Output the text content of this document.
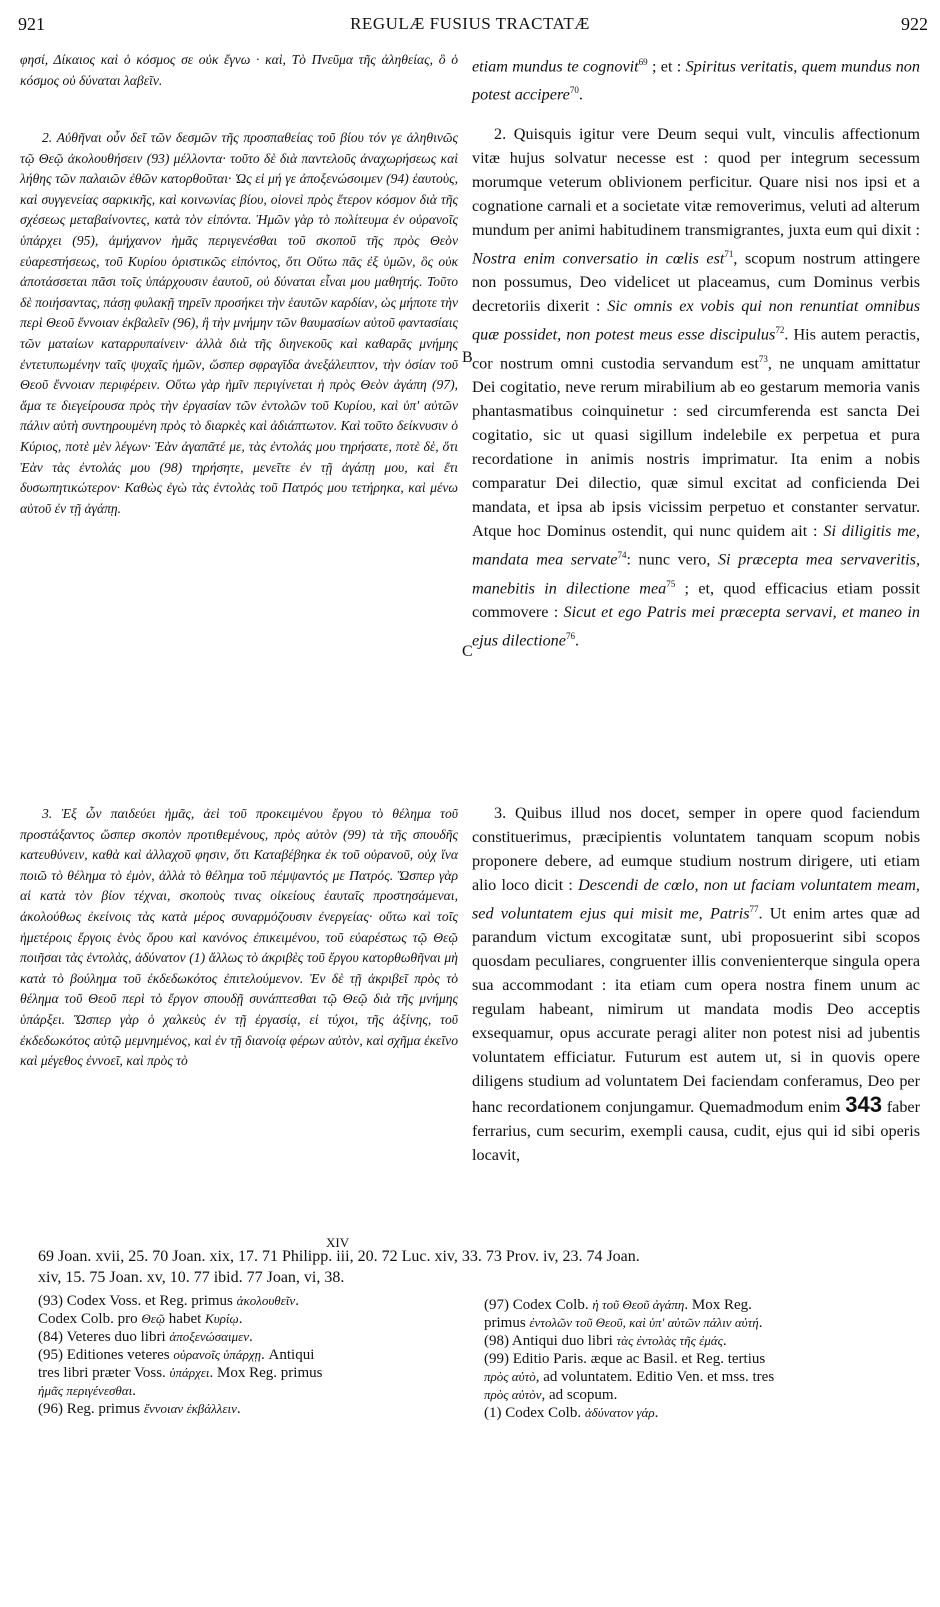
921	REGULÆ FUSIUS TRACTATÆ	922

φησί, Δίκαιος καὶ ὁ κόσμος σε οὐκ ἔγνω · καὶ, Τὸ Πνεῦμα τῆς ἀληθείας, ὃ ὁ κόσμος οὐ δύναται λαβεῖν.

2. Αὐθῆναι οὖν δεῖ τῶν δεσμῶν τῆς προσπαθείας τοῦ βίου τόν γε ἀληθινῶς τῷ Θεῷ ἀκολουθήσειν (93) μέλλοντα· τοῦτο δὲ διὰ παντελοῦς ἀναχωρήσεως καὶ λήθης τῶν παλαιῶν ἐθῶν κατορθοῦται· Ὡς εἰ μή γε ἀποξενώσοιμεν (94) ἑαυτοὺς, καὶ συγγενείας σαρκικῆς, καὶ κοινωνίας βίου, οἱονεὶ πρὸς ἕτερον κόσμον διὰ τῆς σχέσεως μεταβαίνοντες, κατὰ τὸν εἰπόντα. Ἡμῶν γὰρ τὸ πολίτευμα ἐν οὐρανοῖς ὑπάρχει (95), ἀμήχανον ἡμᾶς περιγενέσθαι τοῦ σκοποῦ τῆς πρὸς Θεὸν εὐαρεστήσεως, τοῦ Κυρίου ὁριστικῶς εἰπόντος, ὅτι Οὕτω πᾶς ἐξ ὑμῶν, ὃς οὐκ ἀποτάσσεται πᾶσι τοῖς ὑπάρχουσιν ἑαυτοῦ, οὐ δύναται εἶναι μου μαθητής. Τοῦτο δὲ ποιήσαντας, πάσῃ φυλακῇ τηρεῖν προσήκει τὴν ἑαυτῶν καρδίαν, ὡς μήποτε τὴν περὶ Θεοῦ ἔννοιαν ἐκβαλεῖν (96), ἢ τὴν μνήμην τῶν θαυμασίων αὐτοῦ φαντασίαις τῶν ματαίων καταρρυπαίνειν· ἀλλὰ διὰ τῆς διηνεκοῦς καὶ καθαρᾶς μνήμης ἐντετυπωμένην ταῖς ψυχαῖς ἡμῶν, ὥσπερ σφραγῖδα ἀνεξάλειπτον, τὴν ὁσίαν τοῦ Θεοῦ ἔννοιαν περιφέρειν. Οὕτω γὰρ ἡμῖν περιγίνεται ἡ πρὸς Θεὸν ἀγάπη (97), ἅμα τε διεγείρουσα πρὸς τὴν ἐργασίαν τῶν ἐντολῶν τοῦ Κυρίου, καὶ ὑπ' αὐτῶν πάλιν αὐτὴ συντηρουμένη πρὸς τὸ διαρκὲς καὶ ἀδιάπτωτον. Καὶ τοῦτο δείκνυσιν ὁ Κύριος, ποτὲ μὲν λέγων· Ἐὰν ἀγαπᾶτέ με, τὰς ἐντολάς μου τηρήσατε, ποτὲ δὲ, ὅτι Ἐὰν τὰς ἐντολάς μου (98) τηρήσητε, μενεῖτε ἐν τῇ ἀγάπῃ μου, καὶ ἔτι δυσωπητικώτερον· Καθὼς ἐγὼ τὰς ἐντολὰς τοῦ Πατρός μου τετήρηκα, καὶ μένω αὐτοῦ ἐν τῇ ἀγάπῃ.

3. Ἐξ ὧν παιδεύει ἡμᾶς, ἀεὶ τοῦ προκειμένου ἔργου τὸ θέλημα τοῦ προστάξαντος ὥσπερ σκοπὸν προτιθεμένους, πρὸς αὐτὸν (99) τὰ τῆς σπουδῆς κατευθύνειν, καθὰ καὶ ἀλλαχοῦ φησιν, ὅτι Καταβέβηκα ἐκ τοῦ οὐρανοῦ, οὐχ ἵνα ποιῶ τὸ θέλημα τὸ ἐμὸν, ἀλλὰ τὸ θέλημα τοῦ πέμψαντός με Πατρός. Ὥσπερ γὰρ αἱ κατὰ τὸν βίον τέχναι, σκοποὺς τινας οἰκείους ἑαυταῖς προστησάμεναι, ἀκολούθως ἐκείνοις τὰς κατὰ μέρος συναρμόζουσιν ἐνεργείας· οὕτω καὶ τοῖς ἡμετέροις ἔργοις ἑνὸς ὅρου καὶ κανόνος ἐπικειμένου, τοῦ εὐαρέστως τῷ Θεῷ ποιῆσαι τὰς ἐντολὰς, ἀδύνατον (1) ἄλλως τὸ ἀκριβὲς τοῦ ἔργου κατορθωθῆναι μὴ κατὰ τὸ βούλημα τοῦ ἐκδεδωκότος ἐπιτελούμενον. Ἐν δὲ τῇ ἀκριβεῖ πρὸς τὸ θέλημα τοῦ Θεοῦ περὶ τὸ ἔργον σπουδῇ συνάπτεσθαι τῷ Θεῷ διὰ τῆς μνήμης ὑπάρξει. Ὥσπερ γὰρ ὁ χαλκεὺς ἐν τῇ ἐργασίᾳ, εἰ τύχοι, τῆς ἀξίνης, τοῦ ἐκδεδωκότος αὐτῷ μεμνημένος, καὶ ἐν τῇ διανοίᾳ φέρων αὐτὸν, καὶ σχῆμα ἐκεῖνο καὶ μέγεθος ἐννοεῖ, καὶ πρὸς τὸ

B
C

etiam mundus te cognovit$^{69}$ ; et : Spiritus veritatis, quem mundus non potest accipere$^{70}$.

2. Quisquis igitur vere Deum sequi vult, vinculis affectionum vitæ hujus solvatur necesse est : quod per integrum secessum morumque veterum oblivionem perficitur. Quare nisi nos ipsi et a cognatione carnali et a societate vitæ removerimus, veluti ad alterum mundum per animi habitudinem transmigrantes, juxta eum qui dixit : Nostra enim conversatio in cœlis est$^{71}$, scopum nostrum attingere non possumus, Deo videlicet ut placeamus, cum Dominus verbis decretoriis dixerit : Sic omnis ex vobis qui non renuntiat omnibus quæ possidet, non potest meus esse discipulus$^{72}$. His autem peractis, cor nostrum omni custodia servandum est$^{73}$, ne unquam amittatur Dei cogitatio, neve rerum mirabilium ab eo gestarum memoria vanis phantasmatibus coinquinetur : sed circumferenda est sancta Dei cogitatio, sic ut quasi sigillum indelebile ex perpetua et pura recordatione in animis nostris imprimatur. Ita enim a nobis comparatur Dei dilectio, quæ simul excitat ad conficienda Dei mandata, et ipsa ab ipsis vicissim perpetuo et constanter servatur. Atque hoc Dominus ostendit, qui nunc quidem ait : Si diligitis me, mandata mea servate$^{74}$: nunc vero, Si præcepta mea servaveritis, manebitis in dilectione mea$^{75}$ ; et, quod efficacius etiam possit commovere : Sicut et ego Patris mei præcepta servavi, et maneo in ejus dilectione$^{76}$.

3. Quibus illud nos docet, semper in opere quod faciendum constituerimus, præcipientis voluntatem tanquam scopum nobis proponere debere, ad eumque studium nostrum dirigere, uti etiam alio loco dicit : Descendi de cœlo, non ut faciam voluntatem meam, sed voluntatem ejus qui misit me, Patris$^{77}$. Ut enim artes quæ ad parandum victum excogitatæ sunt, ubi proposuerint sibi scopos quosdam peculiares, congruenter illis convenienterque singula opera sua accommodant : ita etiam cum opera nostra finem unum ac regulam habeant, nimirum ut mandata modis Deo acceptis exsequamur, opus accurate peragi aliter non potest nisi ad jubentis voluntatem efficiatur. Futurum est autem ut, si in quovis opere diligens studium ad voluntatem Dei faciendam conferamus, Deo per hanc recordationem conjungamur. Quemadmodum enim 343 faber ferrarius, cum securim, exempli causa, cudit, ejus qui id sibi operis locavit,

XIV

69 Joan. xvii, 25. 70 Joan. xix, 17. 71 Philipp. iii, 20. 72 Luc. xiv, 33. 73 Prov. iv, 23. 74 Joan.

xiv, 15. 75 Joan. xv, 10. 77 ibid. 77 Joan, vi, 38.

(93) Codex Voss. et Reg. primus ἀκολουθεῖν.

Codex Colb. pro Θεῷ habet Κυρίῳ.

(84) Veteres duo libri ἀποξενώσαιμεν.

(95) Editiones veteres οὐρανοῖς ὑπάρχῃ. Antiqui

tres libri præter Voss. ὑπάρχει. Mox Reg. primus

ἡμᾶς περιγένεσθαι.

(96) Reg. primus ἔννοιαν ἐκβάλλειν.

(97) Codex Colb. ἡ τοῦ Θεοῦ ἀγάπη. Mox Reg.

primus ἐντολῶν τοῦ Θεοῦ, καὶ ὑπ' αὐτῶν πάλιν αὐτή.

(98) Antiqui duo libri τὰς ἐντολὰς τῆς ἐμάς.

(99) Editio Paris. æque ac Basil. et Reg. tertius

πρὸς αὐτὸ, ad voluntatem. Editio Ven. et mss. tres

πρὸς αὐτὸν, ad scopum.

(1) Codex Colb. ἀδύνατον γάρ.
